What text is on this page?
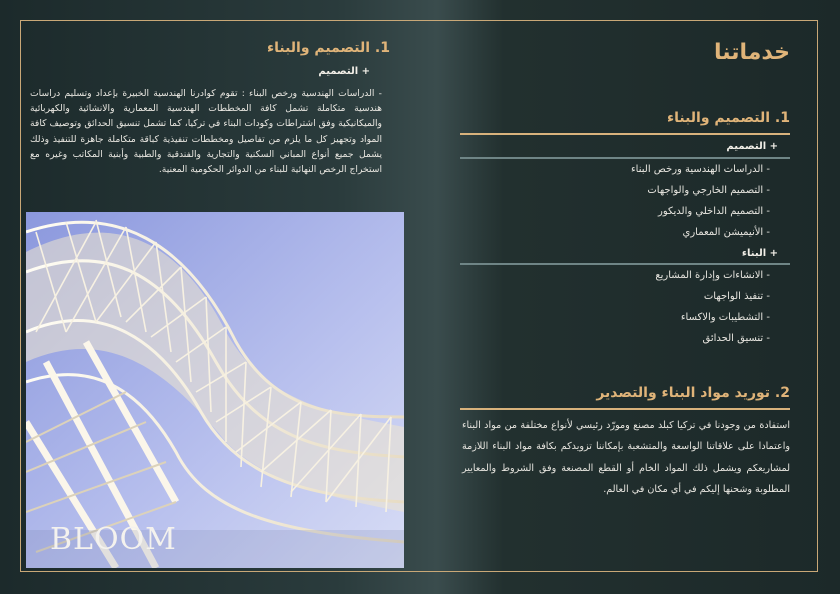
1. التصميم والبناء
+ التصميم
- الدراسات الهندسية ورخص البناء : تقوم كوادرنا الهندسية الخبيرة بإعداد وتسليم دراسات هندسية متكاملة تشمل كافة المخططات الهندسية المعمارية والانشائية والكهربائية والميكانيكية وفق اشتراطات وكودات البناء في تركيا، كما تشمل تنسيق الحدائق وتوصيف كافة المواد وتجهيز كل ما يلزم من تفاصيل ومخططات تنفيذية كباقة متكاملة جاهزة للتنفيذ وذلك يشمل جميع أنواع المباني السكنية والتجارية والفندقية والطبية وأبنية المكاتب وغيره مع استخراج الرخص النهائية للبناء من الدوائر الحكومية المعنية.
BLOOM
خدماتنا
1. التصميم والبناء
+ التصميم
- الدراسات الهندسية ورخص البناء
- التصميم الخارجي والواجهات
- التصميم الداخلي والديكور
- الأنيميشن المعماري
+ البناء
- الانشاءات وإدارة المشاريع
- تنفيذ الواجهات
- التشطيبات والاكساء
- تنسيق الحدائق
2. توريد مواد البناء والتصدير
استفادة من وجودنا في تركيا كبلد مصنع ومورّد رئيسي لأنواع مختلفة من مواد البناء واعتمادا على علاقاتنا الواسعة والمتشعبة بإمكاننا تزويدكم بكافة مواد البناء اللازمة لمشاريعكم ويشمل ذلك المواد الخام أو القطع المصنعة وفق الشروط والمعايير المطلوبة وشحنها إليكم في أي مكان في العالم.
